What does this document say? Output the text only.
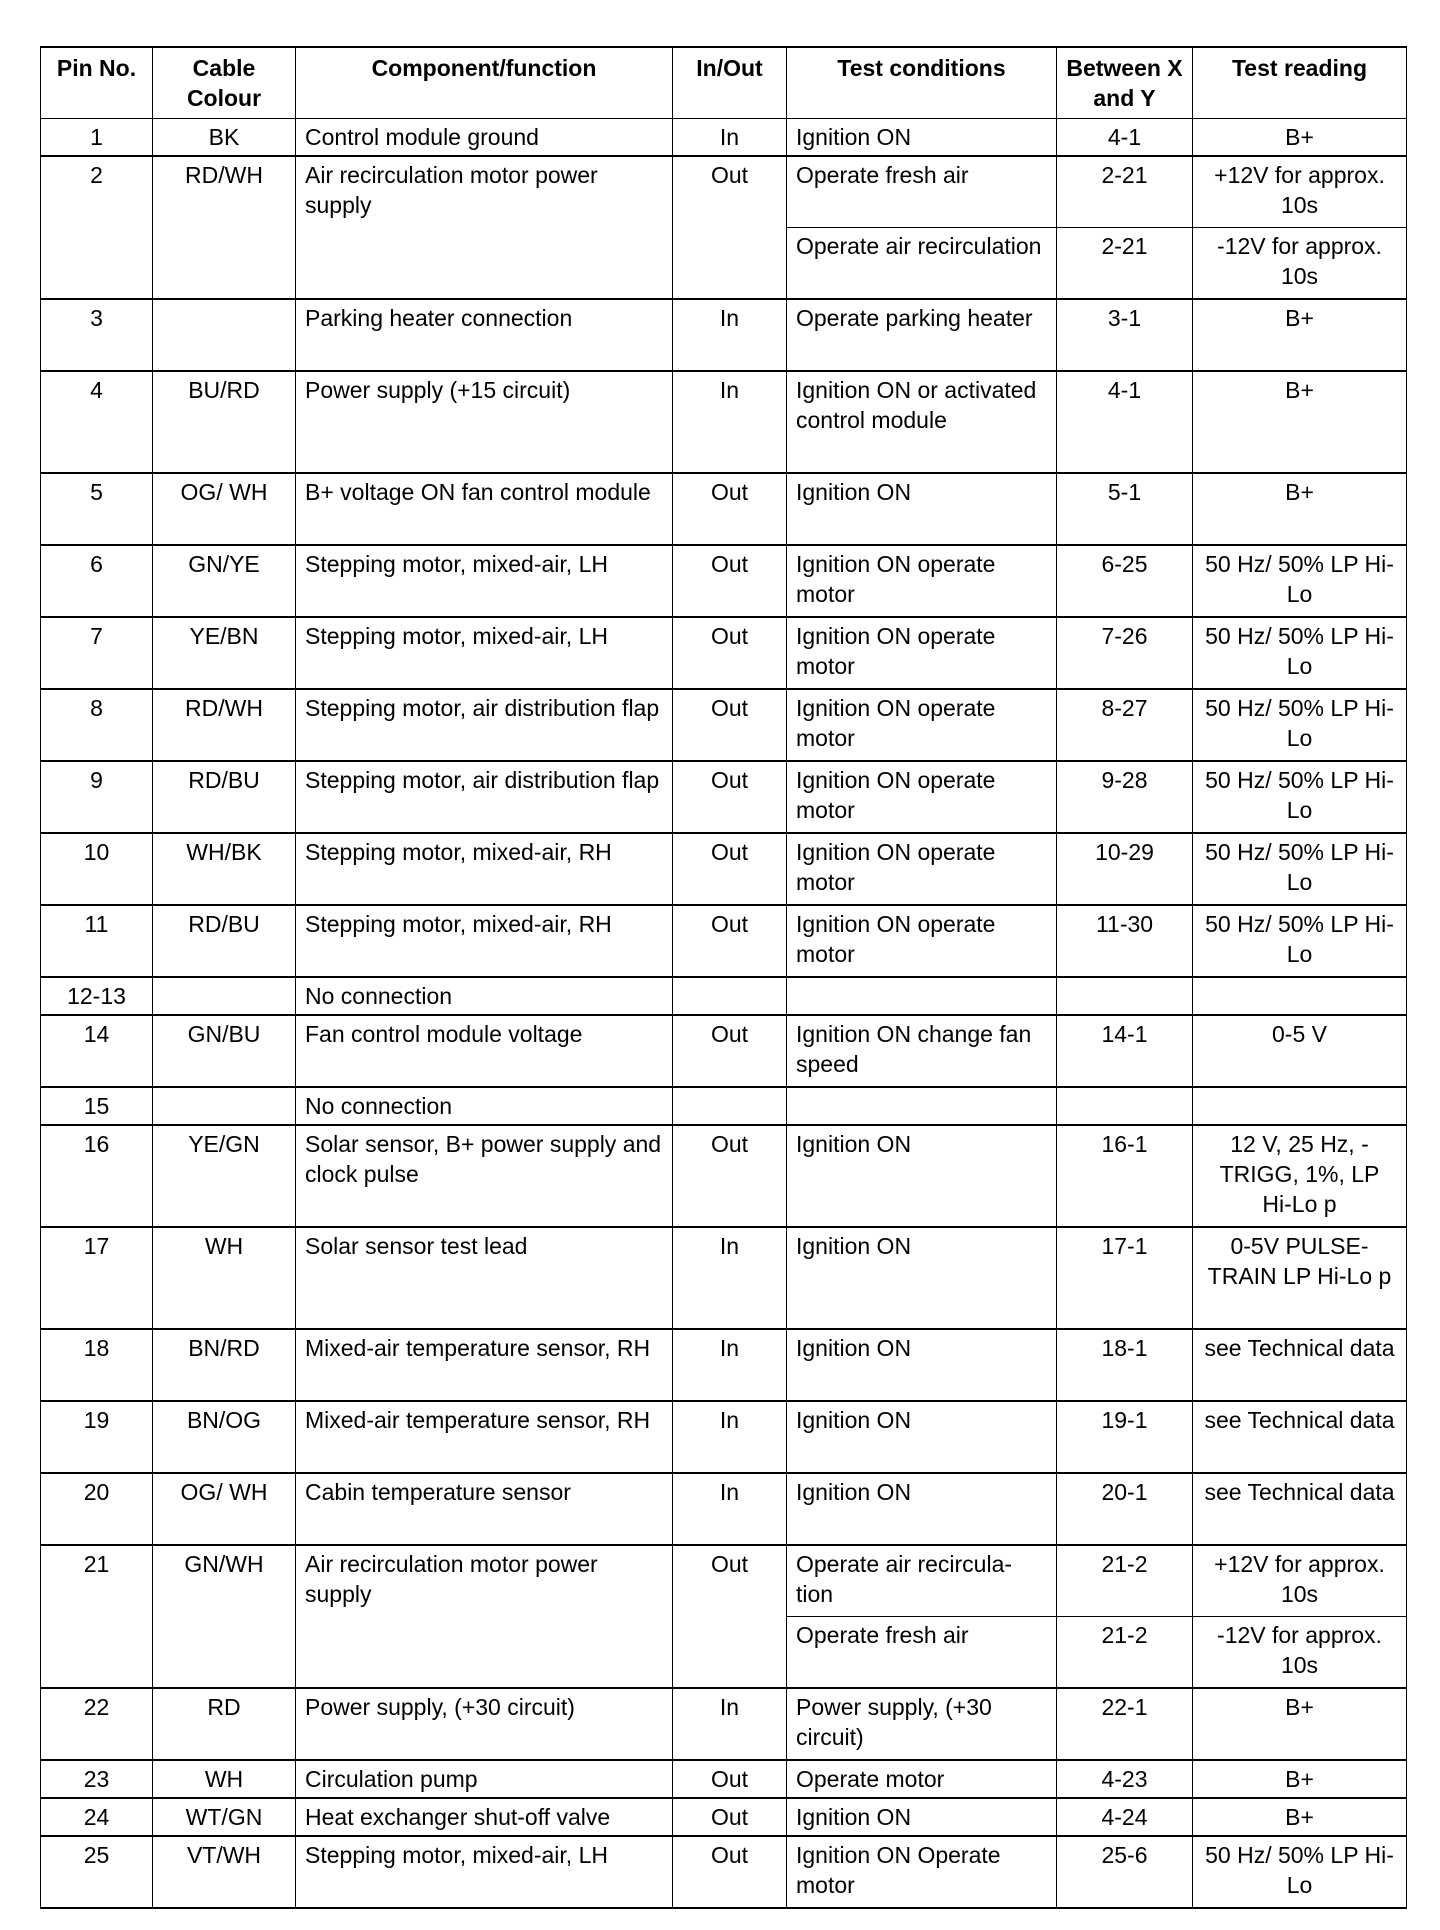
Pin No.	Cable Colour	Component/function	In/Out	Test conditions	Between X and Y	Test reading
1	BK	Control module ground	In	Ignition ON	4-1	B+
2	RD/WH	Air recirculation motor power supply	Out	Operate fresh air	2-21	+12V for approx. 10s
				Operate air recirculation	2-21	-12V for approx. 10s
3		Parking heater connection	In	Operate parking heater	3-1	B+
4	BU/RD	Power supply (+15 circuit)	In	Ignition ON or activated control module	4-1	B+
5	OG/ WH	B+ voltage ON fan control module	Out	Ignition ON	5-1	B+
6	GN/YE	Stepping motor, mixed-air, LH	Out	Ignition ON operate motor	6-25	50 Hz/ 50% LP Hi-Lo
7	YE/BN	Stepping motor, mixed-air, LH	Out	Ignition ON operate motor	7-26	50 Hz/ 50% LP Hi-Lo
8	RD/WH	Stepping motor, air distribution flap	Out	Ignition ON operate motor	8-27	50 Hz/ 50% LP Hi-Lo
9	RD/BU	Stepping motor, air distribution flap	Out	Ignition ON operate motor	9-28	50 Hz/ 50% LP Hi-Lo
10	WH/BK	Stepping motor, mixed-air, RH	Out	Ignition ON operate motor	10-29	50 Hz/ 50% LP Hi-Lo
11	RD/BU	Stepping motor, mixed-air, RH	Out	Ignition ON operate motor	11-30	50 Hz/ 50% LP Hi-Lo
12-13		No connection				
14	GN/BU	Fan control module voltage	Out	Ignition ON change fan speed	14-1	0-5 V
15		No connection				
16	YE/GN	Solar sensor, B+ power supply and clock pulse	Out	Ignition ON	16-1	12 V, 25 Hz, -TRIGG, 1%, LP Hi-Lo p
17	WH	Solar sensor test lead	In	Ignition ON	17-1	0-5V PULSE-TRAIN LP Hi-Lo p
18	BN/RD	Mixed-air temperature sensor, RH	In	Ignition ON	18-1	see Technical data
19	BN/OG	Mixed-air temperature sensor, RH	In	Ignition ON	19-1	see Technical data
20	OG/ WH	Cabin temperature sensor	In	Ignition ON	20-1	see Technical data
21	GN/WH	Air recirculation motor power supply	Out	Operate air recircula-tion	21-2	+12V for approx. 10s
				Operate fresh air	21-2	-12V for approx. 10s
22	RD	Power supply, (+30 circuit)	In	Power supply, (+30 circuit)	22-1	B+
23	WH	Circulation pump	Out	Operate motor	4-23	B+
24	WT/GN	Heat exchanger shut-off valve	Out	Ignition ON	4-24	B+
25	VT/WH	Stepping motor, mixed-air, LH	Out	Ignition ON Operate motor	25-6	50 Hz/ 50% LP Hi-Lo
